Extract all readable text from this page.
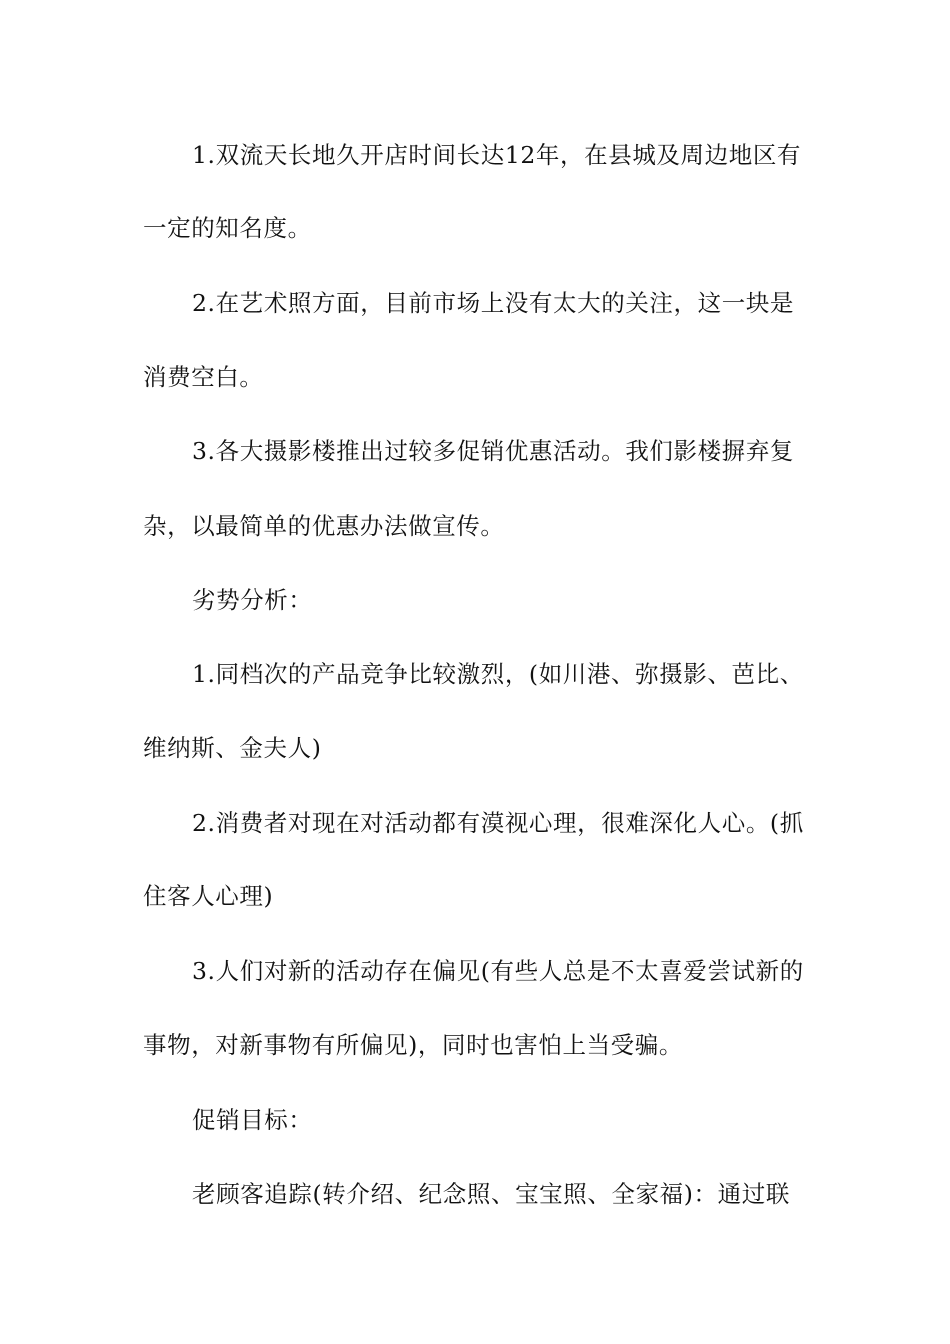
1.双流天长地久开店时间长达12年，在县城及周边地区有
一定的知名度。
2.在艺术照方面，目前市场上没有太大的关注，这一块是
消费空白。
3.各大摄影楼推出过较多促销优惠活动。我们影楼摒弃复
杂，以最简单的优惠办法做宣传。
劣势分析：
1.同档次的产品竞争比较激烈，(如川港、弥摄影、芭比、
维纳斯、金夫人)
2.消费者对现在对活动都有漠视心理，很难深化人心。(抓
住客人心理)
3.人们对新的活动存在偏见(有些人总是不太喜爱尝试新的
事物，对新事物有所偏见)，同时也害怕上当受骗。
促销目标：
老顾客追踪(转介绍、纪念照、宝宝照、全家福)：通过联
